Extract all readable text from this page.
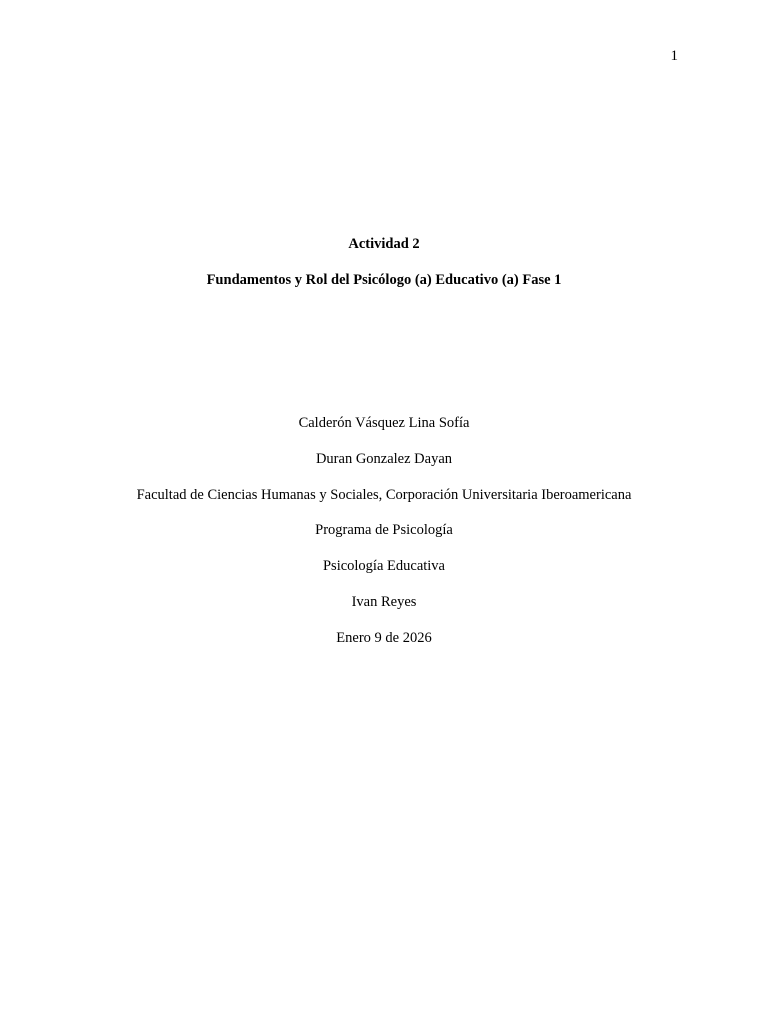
1
Actividad 2
Fundamentos y Rol del Psicólogo (a) Educativo (a) Fase 1
Calderón Vásquez Lina Sofía
Duran Gonzalez Dayan
Facultad de Ciencias Humanas y Sociales, Corporación Universitaria Iberoamericana
Programa de Psicología
Psicología Educativa
Ivan Reyes
Enero 9 de 2026
